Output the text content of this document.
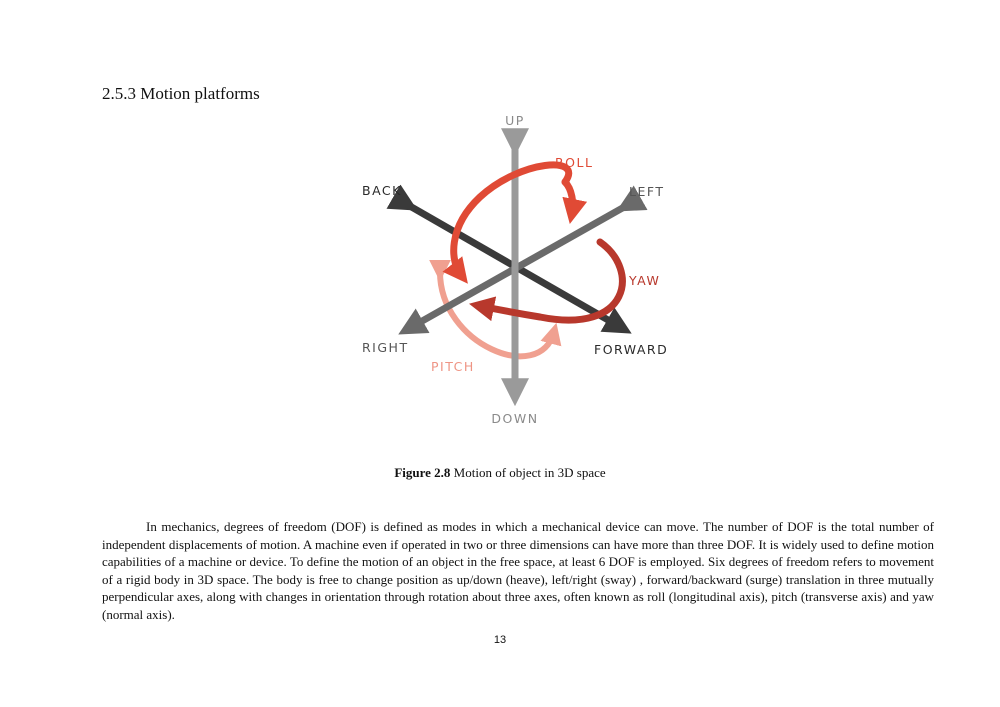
2.5.3 Motion platforms
UP
DOWN
BACK	LEFT
RIGHT	FORWARD
ROLL
YAW
PITCH
Figure 2.8 Motion of object in 3D space

In mechanics, degrees of freedom (DOF) is defined as modes in which a mechanical device can move. The number of DOF is the total number of independent displacements of motion. A machine even if operated in two or three dimensions can have more than three DOF. It is widely used to define motion capabilities of a machine or device. To define the motion of an object in the free space, at least 6 DOF is employed. Six degrees of freedom refers to movement of a rigid body in 3D space. The body is free to change position as up/down (heave), left/right (sway) , forward/backward (surge) translation in three mutually perpendicular axes, along with changes in orientation through rotation about three axes, often known as roll (longitudinal axis), pitch (transverse axis) and yaw (normal axis).

13
